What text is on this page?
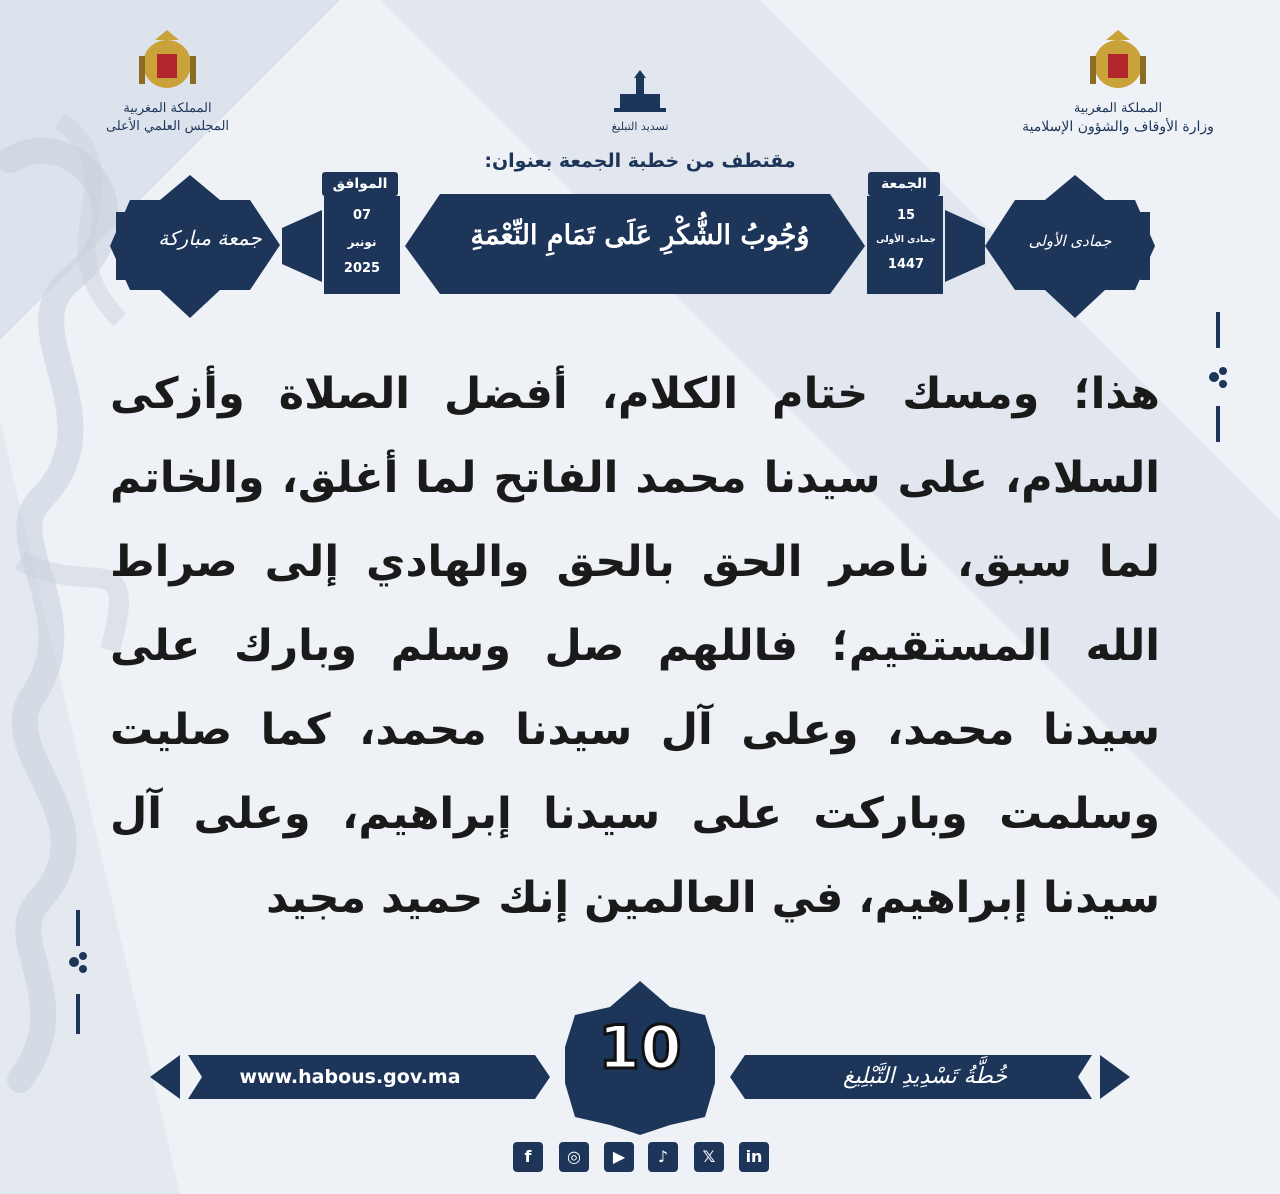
المملكة المغربية
المجلس العلمي الأعلى
المملكة المغربية
وزارة الأوقاف والشؤون الإسلامية
تسديد التبليغ
مقتطف من خطبة الجمعة بعنوان:
جمعة مباركة	جمادى الأولى
الموافق
07
نونبر
2025
الجمعة
15
جمادى الأولى
1447
وُجُوبُ الشُّكْرِ عَلَى تَمَامِ النِّعْمَةِ
هذا؛ ومسك ختام الكلام، أفضل الصلاة وأزكى السلام، على سيدنا محمد الفاتح لما أغلق، والخاتم لما سبق، ناصر الحق بالحق والهادي إلى صراط الله المستقيم؛ فاللهم صل وسلم وبارك على سيدنا محمد، وعلى آل سيدنا محمد، كما صليت وسلمت وباركت على سيدنا إبراهيم، وعلى آل سيدنا إبراهيم، في العالمين إنك حميد مجيد
www.habous.gov.ma	10	خُطَّةُ تَسْدِيدِ التَّبْلِيغ
f	◎	▶	♪	𝕏	in
